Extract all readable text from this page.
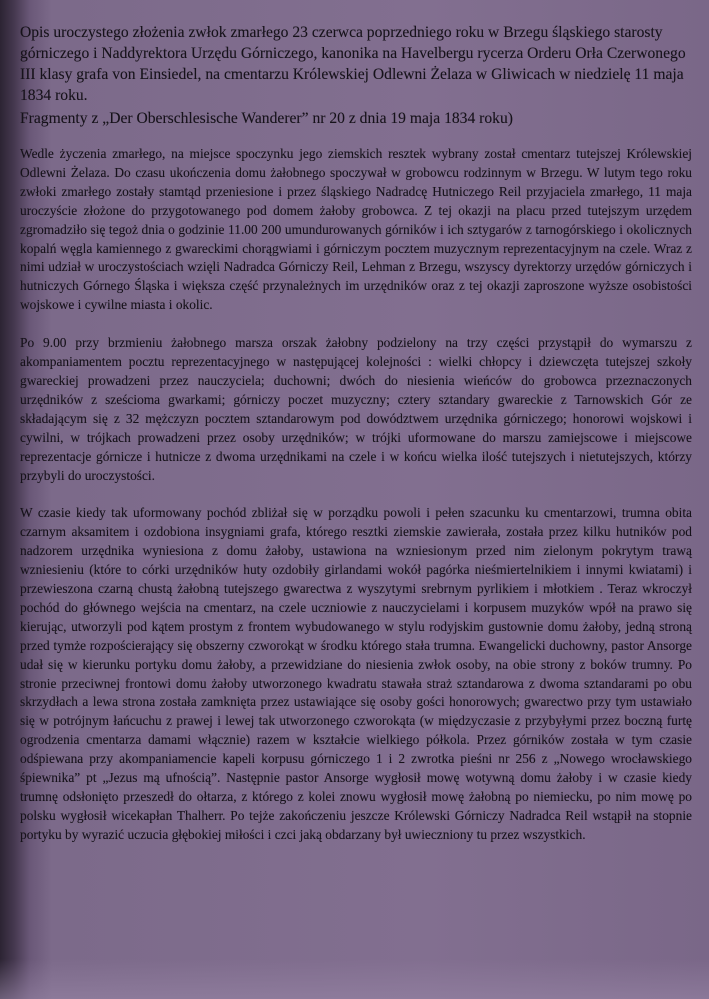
Opis uroczystego złożenia zwłok zmarłego 23 czerwca poprzedniego roku w Brzegu śląskiego starosty górniczego i Naddyrektora Urzędu Górniczego, kanonika na Havelbergu rycerza Orderu Orła Czerwonego III klasy grafa von Einsiedel, na cmentarzu Królewskiej Odlewni Żelaza w Gliwicach w niedzielę 11 maja 1834 roku.

Fragmenty z „Der Oberschlesische Wanderer” nr 20 z dnia 19 maja 1834 roku)

Wedle życzenia zmarłego, na miejsce spoczynku jego ziemskich resztek wybrany został cmentarz tutejszej Królewskiej Odlewni Żelaza. Do czasu ukończenia domu żałobnego spoczywał w grobowcu rodzinnym w Brzegu. W lutym tego roku zwłoki zmarłego zostały stamtąd przeniesione i przez śląskiego Nadradcę Hutniczego Reil przyjaciela zmarłego, 11 maja uroczyście złożone do przygotowanego pod domem żałoby grobowca. Z tej okazji na placu przed tutejszym urzędem zgromadziło się tegoż dnia o godzinie 11.00 200 umundurowanych górników i ich sztygarów z tarnogórskiego i okolicznych kopalń węgla kamiennego z gwareckimi chorągwiami i górniczym pocztem muzycznym reprezentacyjnym na czele. Wraz z nimi udział w uroczystościach wzięli Nadradca Górniczy Reil, Lehman z Brzegu, wszyscy dyrektorzy urzędów górniczych i hutniczych Górnego Śląska i większa część przynależnych im urzędników oraz z tej okazji zaproszone wyższe osobistości wojskowe i cywilne miasta i okolic.

Po 9.00 przy brzmieniu żałobnego marsza orszak żałobny podzielony na trzy części przystąpił do wymarszu z akompaniamentem pocztu reprezentacyjnego w następującej kolejności : wielki chłopcy i dziewczęta tutejszej szkoły gwareckiej prowadzeni przez nauczyciela; duchowni; dwóch do niesienia wieńców do grobowca przeznaczonych urzędników z sześcioma gwarkami; górniczy poczet muzyczny; cztery sztandary gwareckie z Tarnowskich Gór ze składającym się z 32 mężczyzn pocztem sztandarowym pod dowództwem urzędnika górniczego; honorowi wojskowi i cywilni, w trójkach prowadzeni przez osoby urzędników; w trójki uformowane do marszu zamiejscowe i miejscowe reprezentacje górnicze i hutnicze z dwoma urzędnikami na czele i w końcu wielka ilość tutejszych i nietutejszych, którzy przybyli do uroczystości.

W czasie kiedy tak uformowany pochód zbliżał się w porządku powoli i pełen szacunku ku cmentarzowi, trumna obita czarnym aksamitem i ozdobiona insygniami grafa, którego resztki ziemskie zawierała, została przez kilku hutników pod nadzorem urzędnika wyniesiona z domu żałoby, ustawiona na wzniesionym przed nim zielonym pokrytym trawą wzniesieniu (które to córki urzędników huty ozdobiły girlandami wokół pagórka nieśmiertelnikiem i innymi kwiatami) i przewieszona czarną chustą żałobną tutejszego gwarectwa z wyszytymi srebrnym pyrlikiem i młotkiem . Teraz wkroczył pochód do głównego wejścia na cmentarz, na czele uczniowie z nauczycielami i korpusem muzyków wpół na prawo się kierując, utworzyli pod kątem prostym z frontem wybudowanego w stylu rodyjskim gustownie domu żałoby, jedną stroną przed tymże rozpościerający się obszerny czworokąt w środku którego stała trumna. Ewangelicki duchowny, pastor Ansorge udał się w kierunku portyku domu żałoby, a przewidziane do niesienia zwłok osoby, na obie strony z boków trumny. Po stronie przeciwnej frontowi domu żałoby utworzonego kwadratu stawała straż sztandarowa z dwoma sztandarami po obu skrzydłach a lewa strona została zamknięta przez ustawiające się osoby gości honorowych; gwarectwo przy tym ustawiało się w potrójnym łańcuchu z prawej i lewej tak utworzonego czworokąta (w międzyczasie z przybyłymi przez boczną furtę ogrodzenia cmentarza damami włącznie) razem w kształcie wielkiego półkola. Przez górników została w tym czasie odśpiewana przy akompaniamencie kapeli korpusu górniczego 1 i 2 zwrotka pieśni nr 256 z „Nowego wrocławskiego śpiewnika” pt „Jezus mą ufnością”. Następnie pastor Ansorge wygłosił mowę wotywną domu żałoby i w czasie kiedy trumnę odsłonięto przeszedł do ołtarza, z którego z kolei znowu wygłosił mowę żałobną po niemiecku, po nim mowę po polsku wygłosił wicekapłan Thalherr. Po tejże zakończeniu jeszcze Królewski Górniczy Nadradca Reil wstąpił na stopnie portyku by wyrazić uczucia głębokiej miłości i czci jaką obdarzany był uwieczniony tu przez wszystkich.
